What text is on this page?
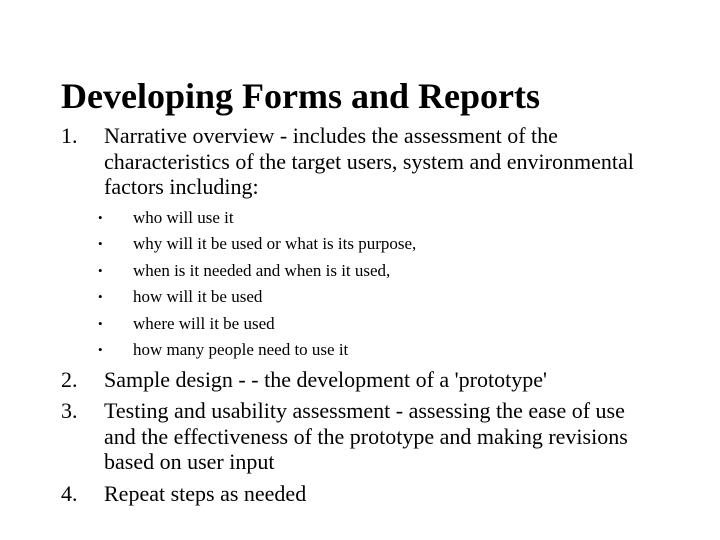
Developing Forms and Reports
1. Narrative overview - includes the assessment of the characteristics of the target users, system and environmental factors including:
• who will use it
• why will it be used or what is its purpose,
• when is it needed and when is it used,
• how will it be used
• where will it be used
• how many people need to use it
2. Sample design - - the development of a 'prototype'
3. Testing and usability assessment - assessing the ease of use and the effectiveness of the prototype and making revisions based on user input
4. Repeat steps as needed
